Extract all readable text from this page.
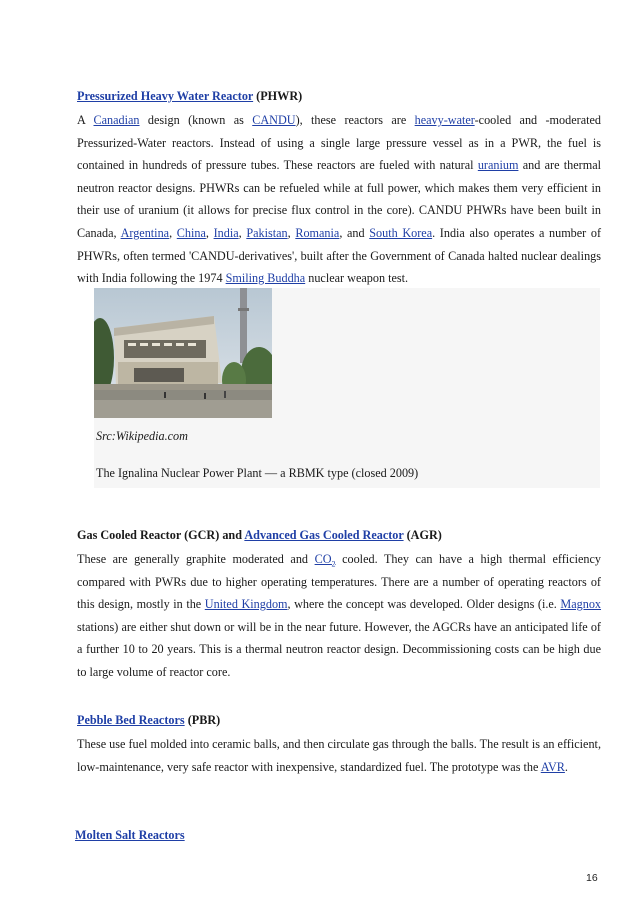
Pressurized Heavy Water Reactor (PHWR)

A Canadian design (known as CANDU), these reactors are heavy-water-cooled and -moderated Pressurized-Water reactors. Instead of using a single large pressure vessel as in a PWR, the fuel is contained in hundreds of pressure tubes. These reactors are fueled with natural uranium and are thermal neutron reactor designs. PHWRs can be refueled while at full power, which makes them very efficient in their use of uranium (it allows for precise flux control in the core). CANDU PHWRs have been built in Canada, Argentina, China, India, Pakistan, Romania, and South Korea. India also operates a number of PHWRs, often termed 'CANDU-derivatives', built after the Government of Canada halted nuclear dealings with India following the 1974 Smiling Buddha nuclear weapon test.

Src:Wikipedia.com
The Ignalina Nuclear Power Plant — a RBMK type (closed 2009)

Gas Cooled Reactor (GCR) and Advanced Gas Cooled Reactor (AGR)

These are generally graphite moderated and $CO_2$ cooled. They can have a high thermal efficiency compared with PWRs due to higher operating temperatures. There are a number of operating reactors of this design, mostly in the United Kingdom, where the concept was developed. Older designs (i.e. Magnox stations) are either shut down or will be in the near future. However, the AGCRs have an anticipated life of a further 10 to 20 years. This is a thermal neutron reactor design. Decommissioning costs can be high due to large volume of reactor core.

Pebble Bed Reactors (PBR)

These use fuel molded into ceramic balls, and then circulate gas through the balls. The result is an efficient, low-maintenance, very safe reactor with inexpensive, standardized fuel. The prototype was the AVR.

Molten Salt Reactors

16
